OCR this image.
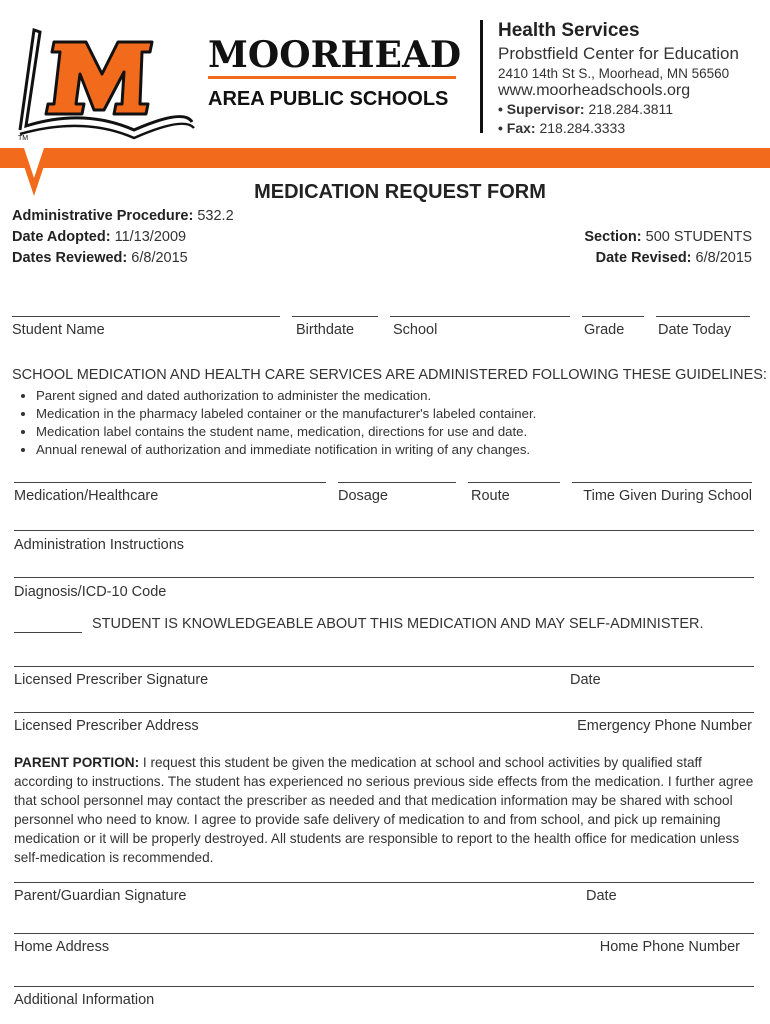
MOORHEAD
AREA PUBLIC SCHOOLS
TM
Health Services
Probstfield Center for Education
2410 14th St S., Moorhead, MN 56560
www.moorheadschools.org
• Supervisor: 218.284.3811
• Fax: 218.284.3333
MEDICATION REQUEST FORM
Administrative Procedure: 532.2
Date Adopted: 11/13/2009
Dates Reviewed: 6/8/2015
Section: 500 STUDENTS
Date Revised: 6/8/2015
Student Name	Birthdate	School	Grade Date Today
SCHOOL MEDICATION AND HEALTH CARE SERVICES ARE ADMINISTERED FOLLOWING THESE GUIDELINES:
• Parent signed and dated authorization to administer the medication.
• Medication in the pharmacy labeled container or the manufacturer's labeled container.
• Medication label contains the student name, medication, directions for use and date.
• Annual renewal of authorization and immediate notification in writing of any changes.
Medication/Healthcare	Dosage	Route	Time Given During School
Administration Instructions
Diagnosis/ICD-10 Code
STUDENT IS KNOWLEDGEABLE ABOUT THIS MEDICATION AND MAY SELF-ADMINISTER.
Licensed Prescriber Signature	Date
Licensed Prescriber Address	Emergency Phone Number
PARENT PORTION: I request this student be given the medication at school and school activities by qualified staff according to instructions. The student has experienced no serious previous side effects from the medication. I further agree that school personnel may contact the prescriber as needed and that medication information may be shared with school personnel who need to know. I agree to provide safe delivery of medication to and from school, and pick up remaining medication or it will be properly destroyed. All students are responsible to report to the health office for medication unless self-medication is recommended.
Parent/Guardian Signature	Date
Home Address	Home Phone Number
Additional Information
